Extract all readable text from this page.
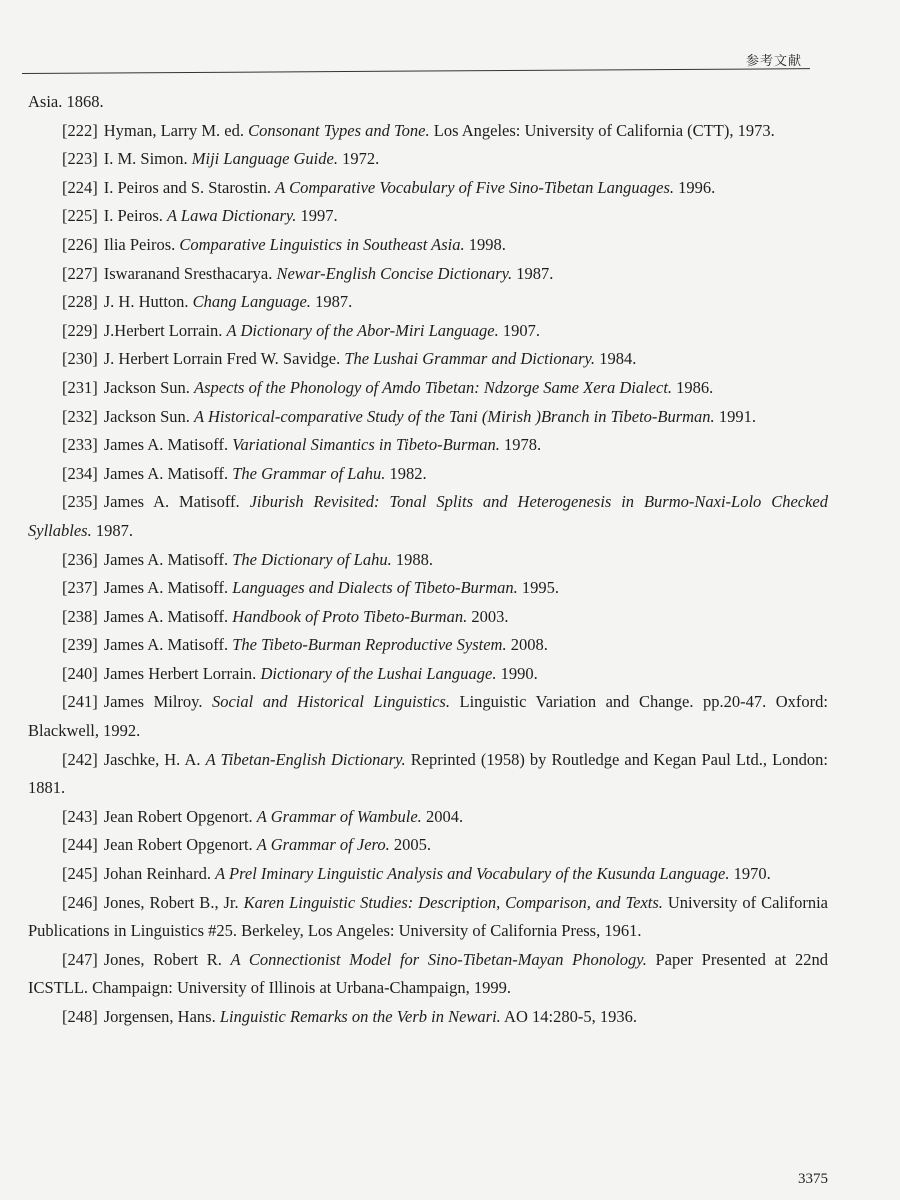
参考文献

Asia. 1868.

[222] Hyman, Larry M. ed. Consonant Types and Tone. Los Angeles: University of California (CTT), 1973.

[223] I. M. Simon. Miji Language Guide. 1972.

[224] I. Peiros and S. Starostin. A Comparative Vocabulary of Five Sino-Tibetan Languages. 1996.

[225] I. Peiros. A Lawa Dictionary. 1997.

[226] Ilia Peiros. Comparative Linguistics in Southeast Asia. 1998.

[227] Iswaranand Sresthacarya. Newar-English Concise Dictionary. 1987.

[228] J. H. Hutton. Chang Language. 1987.

[229] J.Herbert Lorrain. A Dictionary of the Abor-Miri Language. 1907.

[230] J. Herbert Lorrain Fred W. Savidge. The Lushai Grammar and Dictionary. 1984.

[231] Jackson Sun. Aspects of the Phonology of Amdo Tibetan: Ndzorge Same Xera Dialect. 1986.

[232] Jackson Sun. A Historical-comparative Study of the Tani (Mirish )Branch in Tibeto-Burman. 1991.

[233] James A. Matisoff. Variational Simantics in Tibeto-Burman. 1978.

[234] James A. Matisoff. The Grammar of Lahu. 1982.

[235] James A. Matisoff. Jiburish Revisited: Tonal Splits and Heterogenesis in Burmo-Naxi-Lolo Checked Syllables. 1987.

[236] James A. Matisoff. The Dictionary of Lahu. 1988.

[237] James A. Matisoff. Languages and Dialects of Tibeto-Burman. 1995.

[238] James A. Matisoff. Handbook of Proto Tibeto-Burman. 2003.

[239] James A. Matisoff. The Tibeto-Burman Reproductive System. 2008.

[240] James Herbert Lorrain. Dictionary of the Lushai Language. 1990.

[241] James Milroy. Social and Historical Linguistics. Linguistic Variation and Change. pp.20-47. Oxford: Blackwell, 1992.

[242] Jaschke, H. A. A Tibetan-English Dictionary. Reprinted (1958) by Routledge and Kegan Paul Ltd., London: 1881.

[243] Jean Robert Opgenort. A Grammar of Wambule. 2004.

[244] Jean Robert Opgenort. A Grammar of Jero. 2005.

[245] Johan Reinhard. A Prel Iminary Linguistic Analysis and Vocabulary of the Kusunda Language. 1970.

[246] Jones, Robert B., Jr. Karen Linguistic Studies: Description, Comparison, and Texts. University of California Publications in Linguistics #25. Berkeley, Los Angeles: University of California Press, 1961.

[247] Jones, Robert R. A Connectionist Model for Sino-Tibetan-Mayan Phonology. Paper Presented at 22nd ICSTLL. Champaign: University of Illinois at Urbana-Champaign, 1999.

[248] Jorgensen, Hans. Linguistic Remarks on the Verb in Newari. AO 14:280-5, 1936.

3375
